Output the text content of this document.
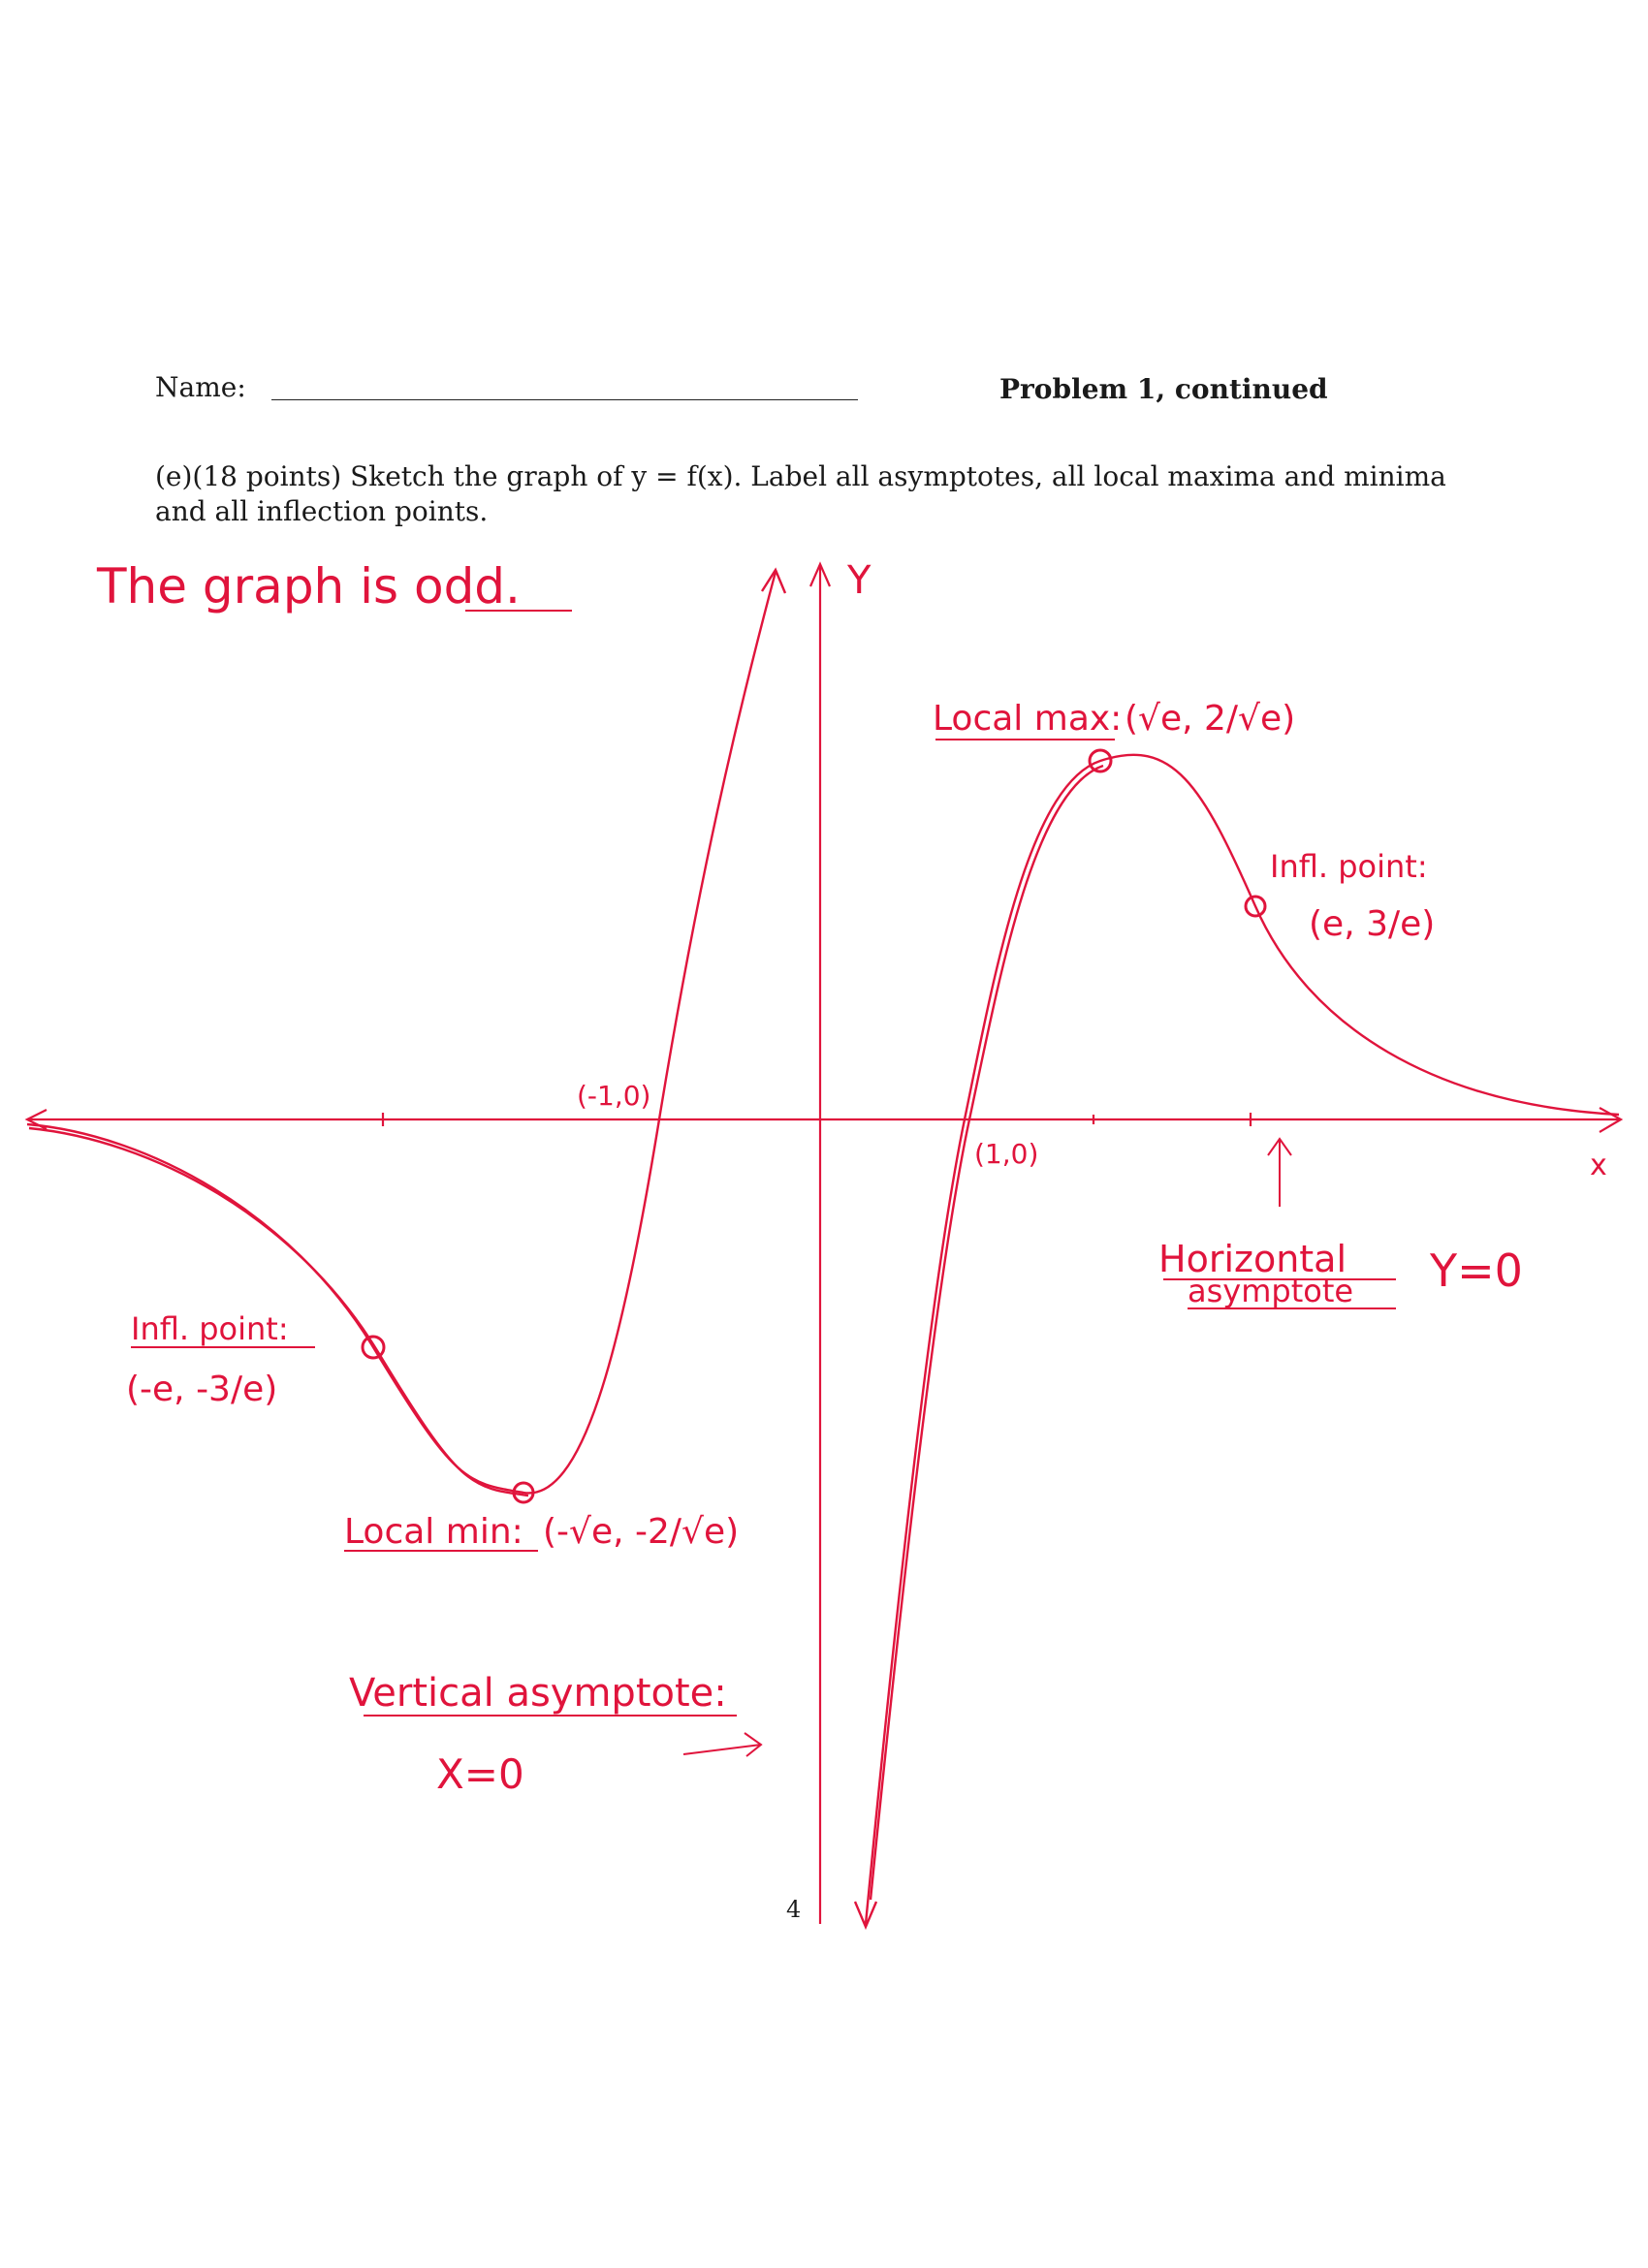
Name:	Problem 1, continued
(e)(18 points) Sketch the graph of y = f(x). Label all asymptotes, all local maxima and minima
and all inflection points.
The graph is odd.	Y
x
(-1,0)
(1,0)
Local max: (√e, 2/√e)
Infl. point:
(e, 3/e)
Infl. point:
(-e, -3/e)
Local min: (-√e, -2/√e)
Horizontal
asymptote Y=0
Vertical asymptote:
X=0
4
